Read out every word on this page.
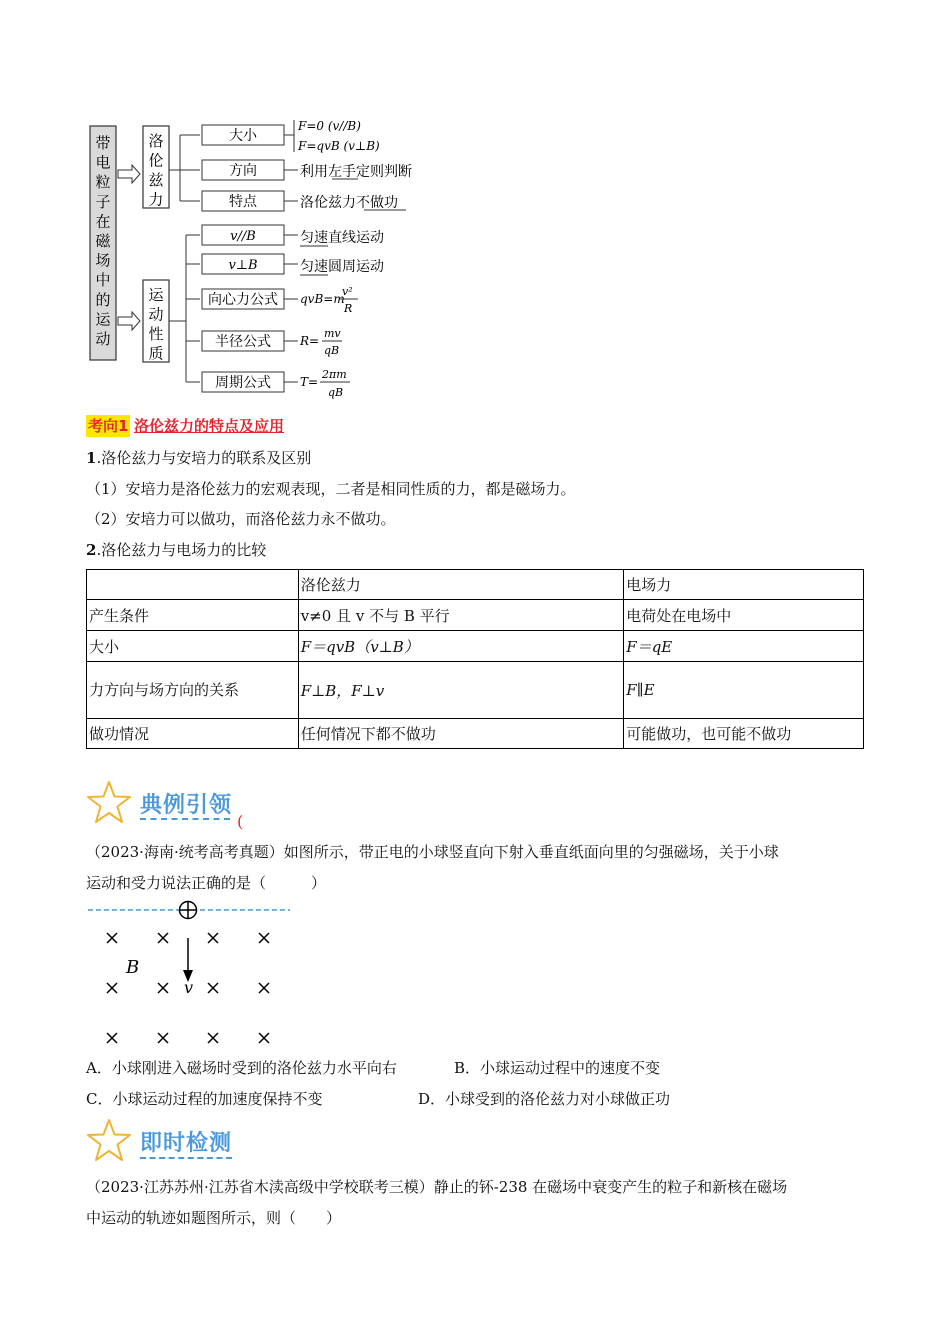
带电粒子在磁场中的运动
洛伦兹力
运动性质
大小
方向
特点
F=0 (v//B)
F=qvB (v⊥B)
利用左手定则判断
洛伦兹力不做功
v//B
v⊥B
向心力公式
半径公式
周期公式
匀速直线运动
匀速圆周运动
qvB=m
v²
R
R=
mv
qB
T=
2πm
qB
考向1 洛伦兹力的特点及应用
1.洛伦兹力与安培力的联系及区别
（1）安培力是洛伦兹力的宏观表现，二者是相同性质的力，都是磁场力。
（2）安培力可以做功，而洛伦兹力永不做功。
2.洛伦兹力与电场力的比较
	洛伦兹力	电场力
产生条件	v≠0 且 v 不与 B 平行	电荷处在电场中
大小	F＝qvB（v⊥B）	F＝qE
力方向与场方向的关系	F⊥B，F⊥v	F∥E
做功情况	任何情况下都不做功	可能做功，也可能不做功
典例引领
(
（2023·海南·统考高考真题）如图所示，带正电的小球竖直向下射入垂直纸面向里的匀强磁场，关于小球
运动和受力说法正确的是（　　　）
B
v
A．小球刚进入磁场时受到的洛伦兹力水平向右	B．小球运动过程中的速度不变
C．小球运动过程的加速度保持不变	D．小球受到的洛伦兹力对小球做正功
即时检测
（2023·江苏苏州·江苏省木渎高级中学校联考三模）静止的钚-238 在磁场中衰变产生的粒子和新核在磁场
中运动的轨迹如题图所示，则（　　）
